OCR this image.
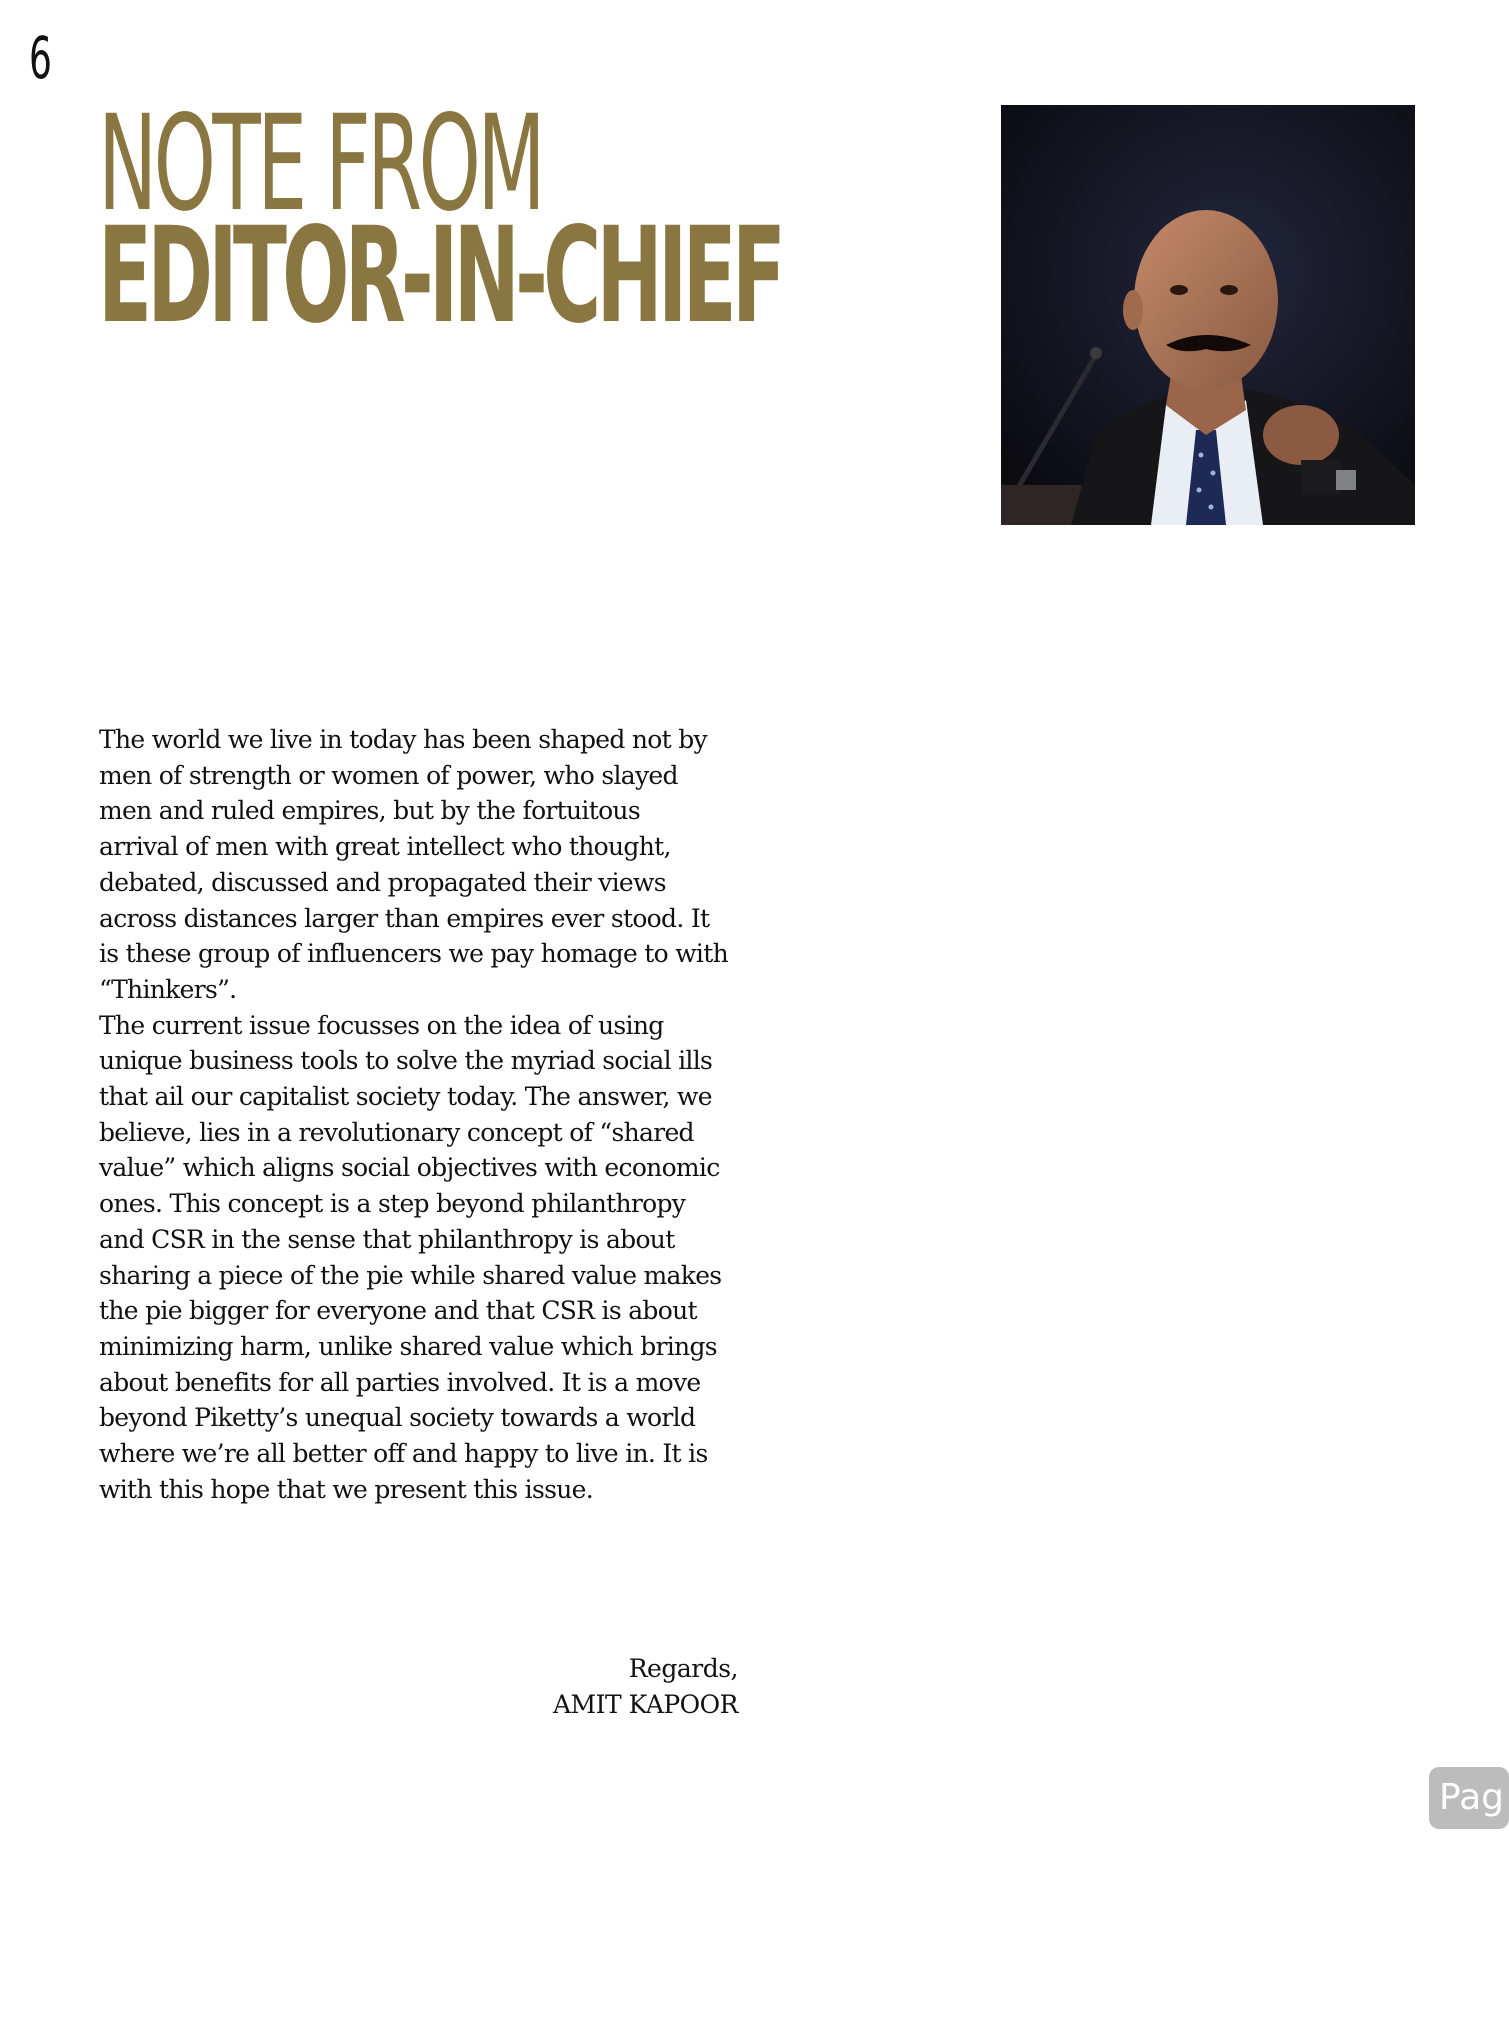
6
NOTE FROM
EDITOR-IN-CHIEF
The world we live in today has been shaped not by
men of strength or women of power, who slayed
men and ruled empires, but by the fortuitous
arrival of men with great intellect who thought,
debated, discussed and propagated their views
across distances larger than empires ever stood. It
is these group of influencers we pay homage to with
“Thinkers”.
The current issue focusses on the idea of using
unique business tools to solve the myriad social ills
that ail our capitalist society today. The answer, we
believe, lies in a revolutionary concept of “shared
value” which aligns social objectives with economic
ones. This concept is a step beyond philanthropy
and CSR in the sense that philanthropy is about
sharing a piece of the pie while shared value makes
the pie bigger for everyone and that CSR is about
minimizing harm, unlike shared value which brings
about benefits for all parties involved. It is a move
beyond Piketty’s unequal society towards a world
where we’re all better off and happy to live in. It is
with this hope that we present this issue.
Regards,
AMIT KAPOOR
Pag
